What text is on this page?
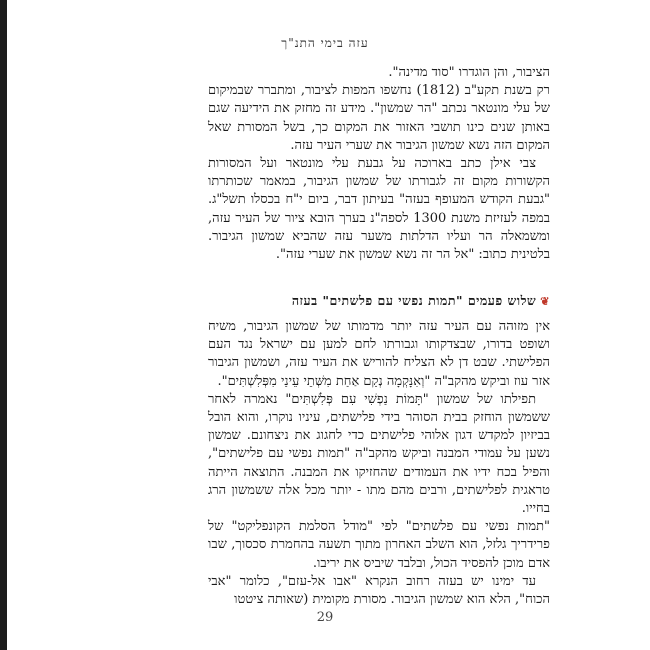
עזה בימי התנ"ך

הציבור, והן הוגדרו "סוד מדינה".

רק בשנת תקע"ב (1812) נחשפו המפות לציבור, ומתברר שבמיקום של עלי מונטאר נכתב "הר שמשון". מידע זה מחזק את הידיעה שגם באותן שנים כינו תושבי האזור את המקום כך, בשל המסורת שאל המקום הזה נשא שמשון הגיבור את שערי העיר עזה.

צבי אילן כתב בארוכה על גבעת עלי מונטאר ועל המסורות הקשורות מקום זה לגבורתו של שמשון הגיבור, במאמר שכותרתו "גבעת הקודש המעופף בעזה" בעיתון דבר, ביום י"ח בכסלו תשל"ג. במפה לעזיזת משנת 1300 לספה"נ בערך הובא ציור של העיר עזה, ומשמאלה הר ועליו הדלתות משער עזה שהביא שמשון הגיבור. בלטינית כתוב: "אל הר זה נשא שמשון את שערי עזה".

❦שלוש פעמים "תמות נפשי עם פלשתים" בעזה

אין מזוהה עם העיר עזה יותר מדמותו של שמשון הגיבור, משיח ושופט בדורו, שבצדקותו וגבורתו לחם למען עם ישראל נגד העם הפלישתי. שבט דן לא הצליח להוריש את העיר עזה, ושמשון הגיבור אזר עוז וביקש מהקב"ה "וְאִנָּקְמָה נְקַם אַחַת מִשְּׁתֵי עֵינַי מִפְּלִשְׁתִּים".

תפילתו של שמשון "תָּמוֹת נַפְשִׁי עִם פְּלִשְׁתִּים" נאמרה לאחר ששמשון הוחזק בבית הסוהר בידי פלישתים, עיניו נוקרו, והוא הובל בביזיון למקדש דגון אלוהי פלישתים כדי לחגוג את ניצחונם. שמשון נשען על עמודי המבנה וביקש מהקב"ה "תמות נפשי עם פלישתים", והפיל בכח ידיו את העמודים שהחזיקו את המבנה. התוצאה הייתה טראגית לפלישתים, ורבים מהם מתו - יותר מכל אלה ששמשון הרג בחייו.

"תמות נפשי עם פלשתים" לפי "מודל הסלמת הקונפליקט" של פרידריך גלזל, הוא השלב האחרון מתוך תשעה בהחמרת סכסוך, שבו אדם מוכן להפסיד הכול, ובלבד שיביס את יריבו.

עד ימינו יש בעזה רחוב הנקרא "אבו אל-עזם", כלומר "אבי הכוח", הלא הוא שמשון הגיבור. מסורת מקומית (שאותה ציטטו

29
